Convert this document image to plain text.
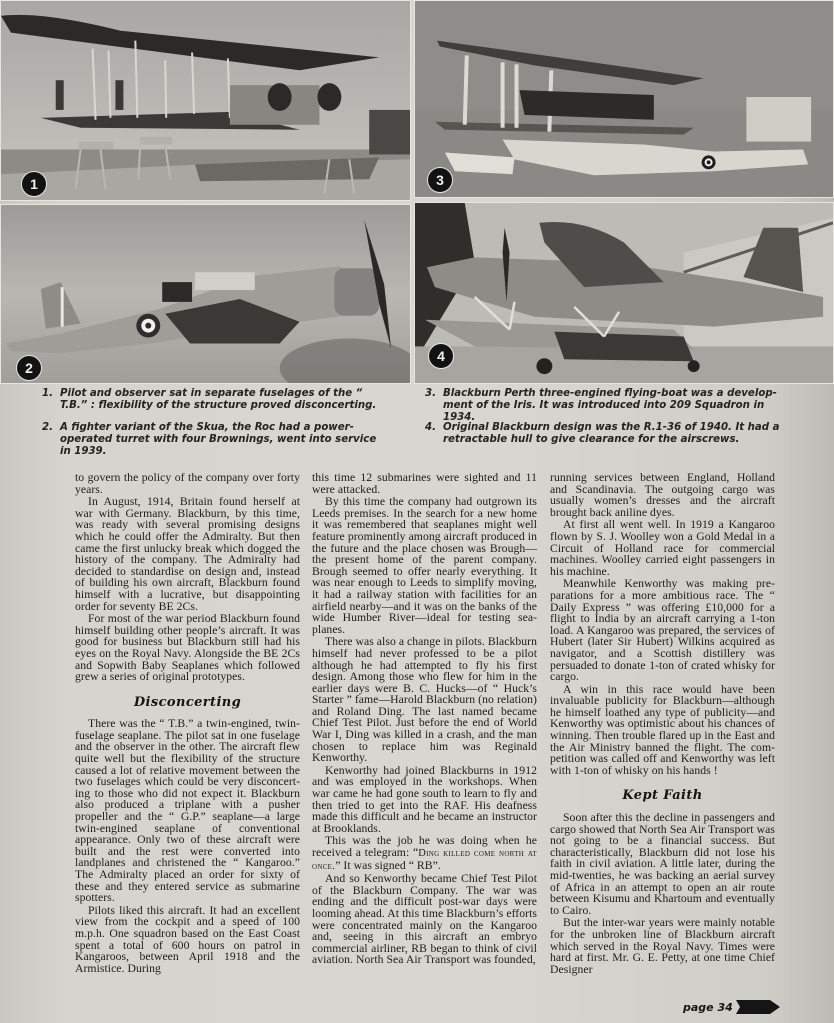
1	3
2
4
1. Pilot and observer sat in separate fuselages of the “ T.B.” : flexibility of the structure proved disconcerting.
2. A fighter variant of the Skua, the Roc had a power-operated turret with four Brownings, went into service in 1939.
3. Blackburn Perth three-engined flying-boat was a development of the Iris. It was introduced into 209 Squadron in 1934.
4. Original Blackburn design was the R.1-36 of 1940. It had a retractable hull to give clearance for the airscrews.

to govern the policy of the company over forty years.

In August, 1914, Britain found herself at war with Germany. Blackburn, by this time, was ready with several promising designs which he could offer the Admiralty. But then came the first unlucky break which dogged the history of the company. The Admiralty had decided to standardise on design and, instead of building his own aircraft, Blackburn found himself with a lucrative, but disappointing order for seventy BE 2Cs.

For most of the war period Blackburn found himself building other people’s aircraft. It was good for business but Blackburn still had his eyes on the Royal Navy. Alongside the BE 2Cs and Sopwith Baby Seaplanes which followed grew a series of original prototypes.

Disconcerting

There was the “ T.B.” a twin-engined, twin-fuselage seaplane. The pilot sat in one fuselage and the observer in the other. The aircraft flew quite well but the flexibility of the structure caused a lot of relative movement between the two fuselages which could be very disconcerting to those who did not expect it. Blackburn also produced a triplane with a pusher propeller and the “ G.P.” seaplane—a large twin-engined seaplane of conventional appearance. Only two of these aircraft were built and the rest were converted into landplanes and christened the “ Kangaroo.” The Admiralty placed an order for sixty of these and they entered service as submarine spotters.

Pilots liked this aircraft. It had an excellent view from the cockpit and a speed of 100 m.p.h. One squadron based on the East Coast spent a total of 600 hours on patrol in Kangaroos, between April 1918 and the Armistice. During

this time 12 submarines were sighted and 11 were attacked.

By this time the company had outgrown its Leeds premises. In the search for a new home it was remembered that seaplanes might well feature prominently among aircraft produced in the future and the place chosen was Brough—the present home of the parent company. Brough seemed to offer nearly everything. It was near enough to Leeds to simplify moving, it had a railway station with facilities for an airfield nearby—and it was on the banks of the wide Humber River—ideal for testing seaplanes.

There was also a change in pilots. Blackburn himself had never professed to be a pilot although he had attempted to fly his first design. Among those who flew for him in the earlier days were B. C. Hucks—of “ Huck’s Starter ” fame—Harold Blackburn (no relation) and Roland Ding. The last named became Chief Test Pilot. Just before the end of World War I, Ding was killed in a crash, and the man chosen to replace him was Reginald Kenworthy.

Kenworthy had joined Blackburns in 1912 and was employed in the workshops. When war came he had gone south to learn to fly and then tried to get into the RAF. His deafness made this difficult and he became an instructor at Brooklands.

This was the job he was doing when he received a telegram: “Ding killed come north at once.” It was signed “ RB”.

And so Kenworthy became Chief Test Pilot of the Blackburn Company. The war was ending and the difficult post-war days were looming ahead. At this time Blackburn’s efforts were concentrated mainly on the Kangaroo and, seeing in this aircraft an embryo commercial airliner, RB began to think of civil aviation. North Sea Air Transport was founded,

running services between England, Holland and Scandinavia. The outgoing cargo was usually women’s dresses and the aircraft brought back aniline dyes.

At first all went well. In 1919 a Kangaroo flown by S. J. Woolley won a Gold Medal in a Circuit of Holland race for commercial machines. Woolley carried eight passengers in his machine.

Meanwhile Kenworthy was making preparations for a more ambitious race. The “ Daily Express ” was offering £10,000 for a flight to India by an aircraft carrying a 1-ton load. A Kangaroo was prepared, the services of Hubert (later Sir Hubert) Wilkins acquired as navigator, and a Scottish distillery was persuaded to donate 1-ton of crated whisky for cargo.

A win in this race would have been invaluable publicity for Blackburn—although he himself loathed any type of publicity—and Kenworthy was optimistic about his chances of winning. Then trouble flared up in the East and the Air Ministry banned the flight. The competition was called off and Kenworthy was left with 1-ton of whisky on his hands !

Kept Faith

Soon after this the decline in passengers and cargo showed that North Sea Air Transport was not going to be a financial success. But characteristically, Blackburn did not lose his faith in civil aviation. A little later, during the mid-twenties, he was backing an aerial survey of Africa in an attempt to open an air route between Kisumu and Khartoum and eventually to Cairo.

But the inter-war years were mainly notable for the unbroken line of Blackburn aircraft which served in the Royal Navy. Times were hard at first. Mr. G. E. Petty, at one time Chief Designer

page 34
